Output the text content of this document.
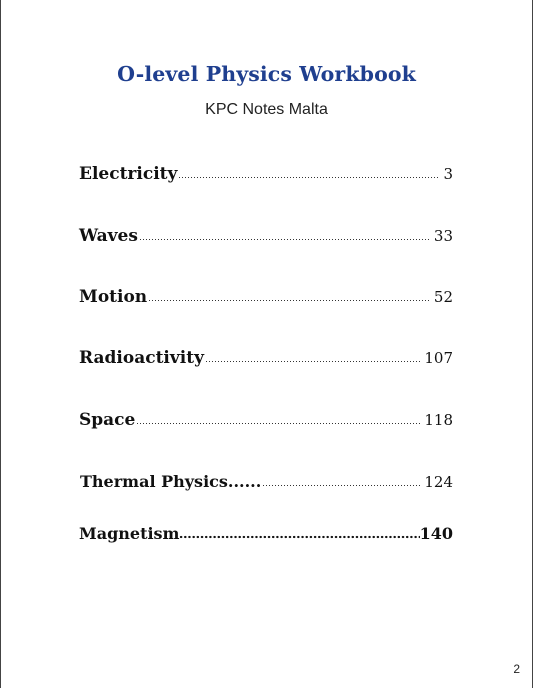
O-level Physics Workbook
KPC Notes Malta
Electricity	3
Waves	33
Motion	52
Radioactivity	107
Space	118
Thermal Physics......	124
Magnetism	140
2
